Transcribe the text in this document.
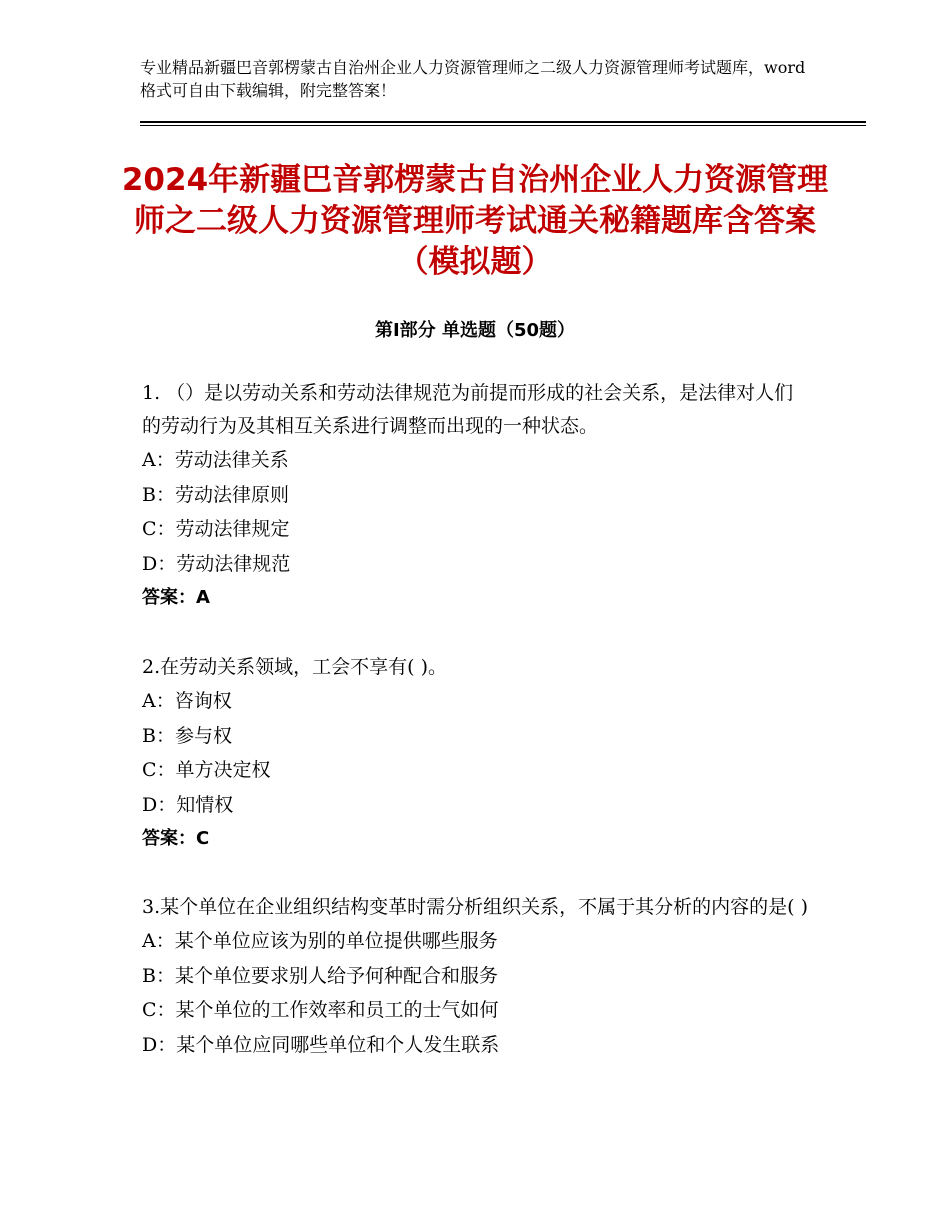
专业精品新疆巴音郭楞蒙古自治州企业人力资源管理师之二级人力资源管理师考试题库，word格式可自由下载编辑，附完整答案！
2024年新疆巴音郭楞蒙古自治州企业人力资源管理师之二级人力资源管理师考试通关秘籍题库含答案（模拟题）
第Ⅰ部分 单选题（50题）
1. （）是以劳动关系和劳动法律规范为前提而形成的社会关系，是法律对人们的劳动行为及其相互关系进行调整而出现的一种状态。
A：劳动法律关系
B：劳动法律原则
C：劳动法律规定
D：劳动法律规范
答案：A
2.在劳动关系领域，工会不享有( )。
A：咨询权
B：参与权
C：单方决定权
D：知情权
答案：C
3.某个单位在企业组织结构变革时需分析组织关系，不属于其分析的内容的是( )
A：某个单位应该为别的单位提供哪些服务
B：某个单位要求别人给予何种配合和服务
C：某个单位的工作效率和员工的士气如何
D：某个单位应同哪些单位和个人发生联系
